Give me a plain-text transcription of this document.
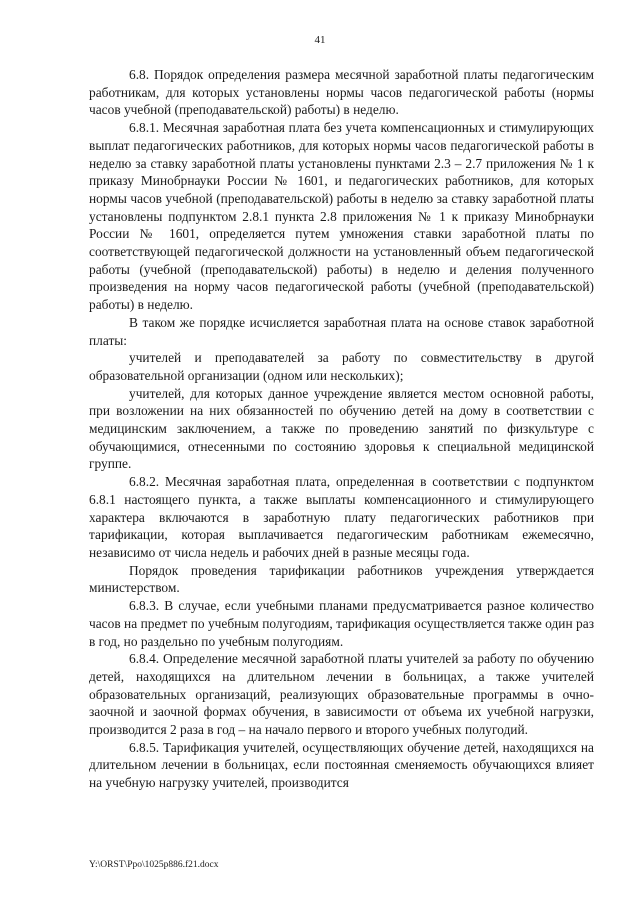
41

6.8. Порядок определения размера месячной заработной платы педагогическим работникам, для которых установлены нормы часов педагогической работы (нормы часов учебной (преподавательской) работы) в неделю.

6.8.1. Месячная заработная плата без учета компенсационных и стимулирующих выплат педагогических работников, для которых нормы часов педагогической работы в неделю за ставку заработной платы установлены пунктами 2.3 – 2.7 приложения № 1 к приказу Минобрнауки России № 1601, и педагогических работников, для которых нормы часов учебной (преподавательской) работы в неделю за ставку заработной платы установлены подпунктом 2.8.1 пункта 2.8 приложения № 1 к приказу Минобрнауки России № 1601, определяется путем умножения ставки заработной платы по соответствующей педагогической должности на установленный объем педагогической работы (учебной (преподавательской) работы) в неделю и деления полученного произведения на норму часов педагогической работы (учебной (преподавательской) работы) в неделю.

В таком же порядке исчисляется заработная плата на основе ставок заработной платы:

учителей и преподавателей за работу по совместительству в другой образовательной организации (одном или нескольких);

учителей, для которых данное учреждение является местом основной работы, при возложении на них обязанностей по обучению детей на дому в соответствии с медицинским заключением, а также по проведению занятий по физкультуре с обучающимися, отнесенными по состоянию здоровья к специальной медицинской группе.

6.8.2. Месячная заработная плата, определенная в соответствии с подпунктом 6.8.1 настоящего пункта, а также выплаты компенсационного и стимулирующего характера включаются в заработную плату педагогических работников при тарификации, которая выплачивается педагогическим работникам ежемесячно, независимо от числа недель и рабочих дней в разные месяцы года.

Порядок проведения тарификации работников учреждения утверждается министерством.

6.8.3. В случае, если учебными планами предусматривается разное количество часов на предмет по учебным полугодиям, тарификация осуществляется также один раз в год, но раздельно по учебным полугодиям.

6.8.4. Определение месячной заработной платы учителей за работу по обучению детей, находящихся на длительном лечении в больницах, а также учителей образовательных организаций, реализующих образовательные программы в очно-заочной и заочной формах обучения, в зависимости от объема их учебной нагрузки, производится 2 раза в год – на начало первого и второго учебных полугодий.

6.8.5. Тарификация учителей, осуществляющих обучение детей, находящихся на длительном лечении в больницах, если постоянная сменяемость обучающихся влияет на учебную нагрузку учителей, производится

Y:\ORST\Ppo\1025p886.f21.docx
